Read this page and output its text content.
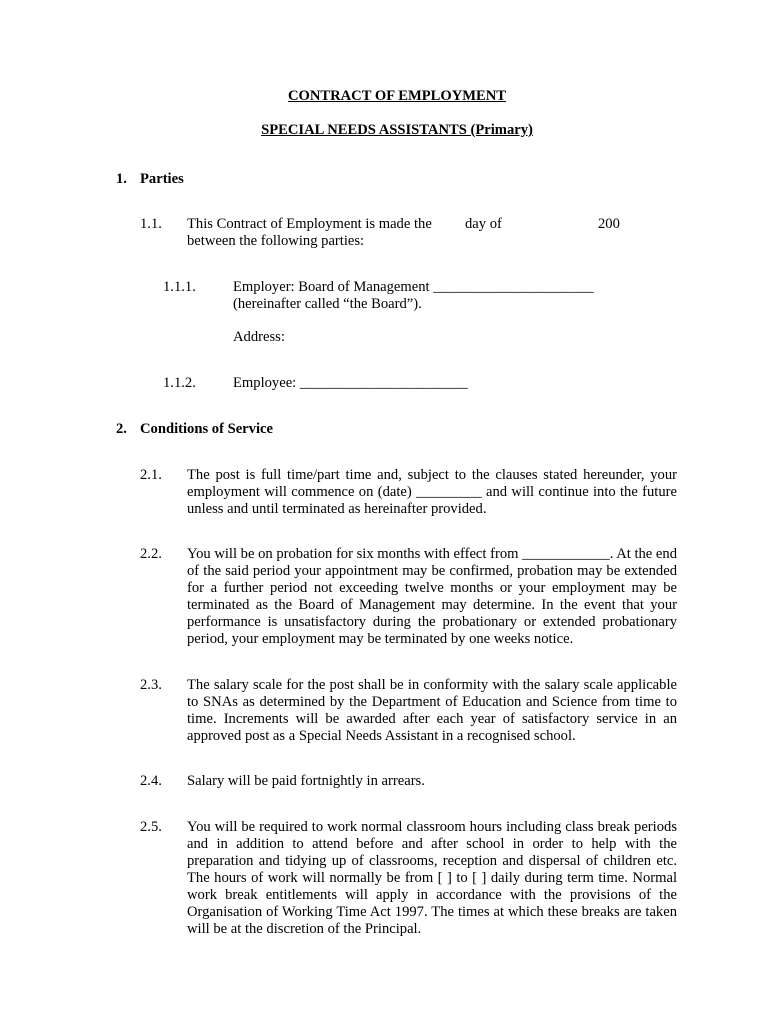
CONTRACT OF EMPLOYMENT
SPECIAL NEEDS ASSISTANTS (Primary)
1. Parties
1.1. This Contract of Employment is made the day of	200
between the following parties:
1.1.1.	Employer: Board of Management ______________________
(hereinafter called “the Board”).
Address:
1.1.2.	Employee: _______________________
2. Conditions of Service
2.1. The post is full time/part time and, subject to the clauses stated hereunder, your employment will commence on (date) _________ and will continue into the future unless and until terminated as hereinafter provided.
2.2. You will be on probation for six months with effect from ____________. At the end of the said period your appointment may be confirmed, probation may be extended for a further period not exceeding twelve months or your employment may be terminated as the Board of Management may determine. In the event that your performance is unsatisfactory during the probationary or extended probationary period, your employment may be terminated by one weeks notice.
2.3. The salary scale for the post shall be in conformity with the salary scale applicable to SNAs as determined by the Department of Education and Science from time to time. Increments will be awarded after each year of satisfactory service in an approved post as a Special Needs Assistant in a recognised school.
2.4. Salary will be paid fortnightly in arrears.
2.5. You will be required to work normal classroom hours including class break periods and in addition to attend before and after school in order to help with the preparation and tidying up of classrooms, reception and dispersal of children etc. The hours of work will normally be from [ ] to [ ] daily during term time. Normal work break entitlements will apply in accordance with the provisions of the Organisation of Working Time Act 1997. The times at which these breaks are taken will be at the discretion of the Principal.
